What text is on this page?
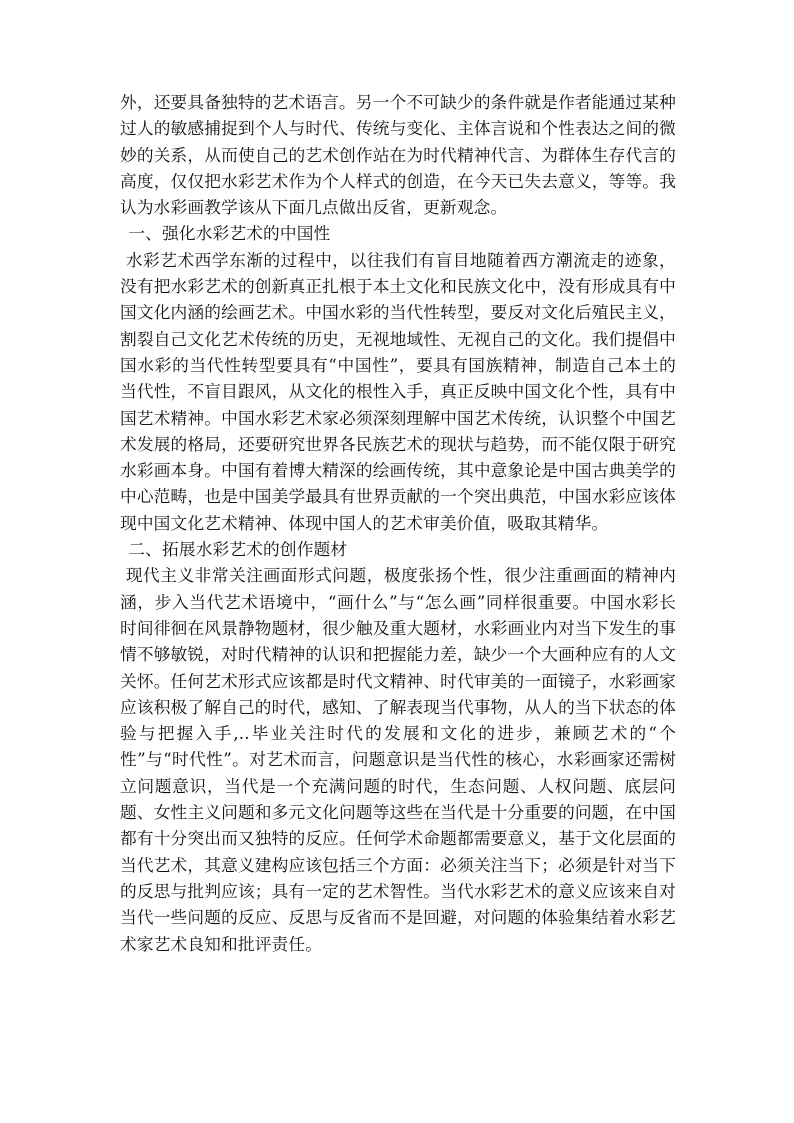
外，还要具备独特的艺术语言。另一个不可缺少的条件就是作者能通过某种过人的敏感捕捉到个人与时代、传统与变化、主体言说和个性表达之间的微妙的关系，从而使自己的艺术创作站在为时代精神代言、为群体生存代言的高度，仅仅把水彩艺术作为个人样式的创造，在今天已失去意义，等等。我认为水彩画教学该从下面几点做出反省，更新观念。

一、强化水彩艺术的中国性

水彩艺术西学东渐的过程中，以往我们有盲目地随着西方潮流走的迹象，没有把水彩艺术的创新真正扎根于本土文化和民族文化中，没有形成具有中国文化内涵的绘画艺术。中国水彩的当代性转型，要反对文化后殖民主义，割裂自己文化艺术传统的历史，无视地域性、无视自己的文化。我们提倡中国水彩的当代性转型要具有“中国性”，要具有国族精神，制造自己本土的当代性，不盲目跟风，从文化的根性入手，真正反映中国文化个性，具有中国艺术精神。中国水彩艺术家必须深刻理解中国艺术传统，认识整个中国艺术发展的格局，还要研究世界各民族艺术的现状与趋势，而不能仅限于研究水彩画本身。中国有着博大精深的绘画传统，其中意象论是中国古典美学的中心范畴，也是中国美学最具有世界贡献的一个突出典范，中国水彩应该体现中国文化艺术精神、体现中国人的艺术审美价值，吸取其精华。

二、拓展水彩艺术的创作题材

现代主义非常关注画面形式问题，极度张扬个性，很少注重画面的精神内涵，步入当代艺术语境中，“画什么”与“怎么画”同样很重要。中国水彩长时间徘徊在风景静物题材，很少触及重大题材，水彩画业内对当下发生的事情不够敏锐，对时代精神的认识和把握能力差，缺少一个大画种应有的人文关怀。任何艺术形式应该都是时代文精神、时代审美的一面镜子，水彩画家应该积极了解自己的时代，感知、了解表现当代事物，从人的当下状态的体验与把握入手,..毕业关注时代的发展和文化的进步，兼顾艺术的“个性”与“时代性”。对艺术而言，问题意识是当代性的核心，水彩画家还需树立问题意识，当代是一个充满问题的时代，生态问题、人权问题、底层问题、女性主义问题和多元文化问题等这些在当代是十分重要的问题，在中国都有十分突出而又独特的反应。任何学术命题都需要意义，基于文化层面的当代艺术，其意义建构应该包括三个方面：必须关注当下；必须是针对当下的反思与批判应该；具有一定的艺术智性。当代水彩艺术的意义应该来自对当代一些问题的反应、反思与反省而不是回避，对问题的体验集结着水彩艺术家艺术良知和批评责任。
